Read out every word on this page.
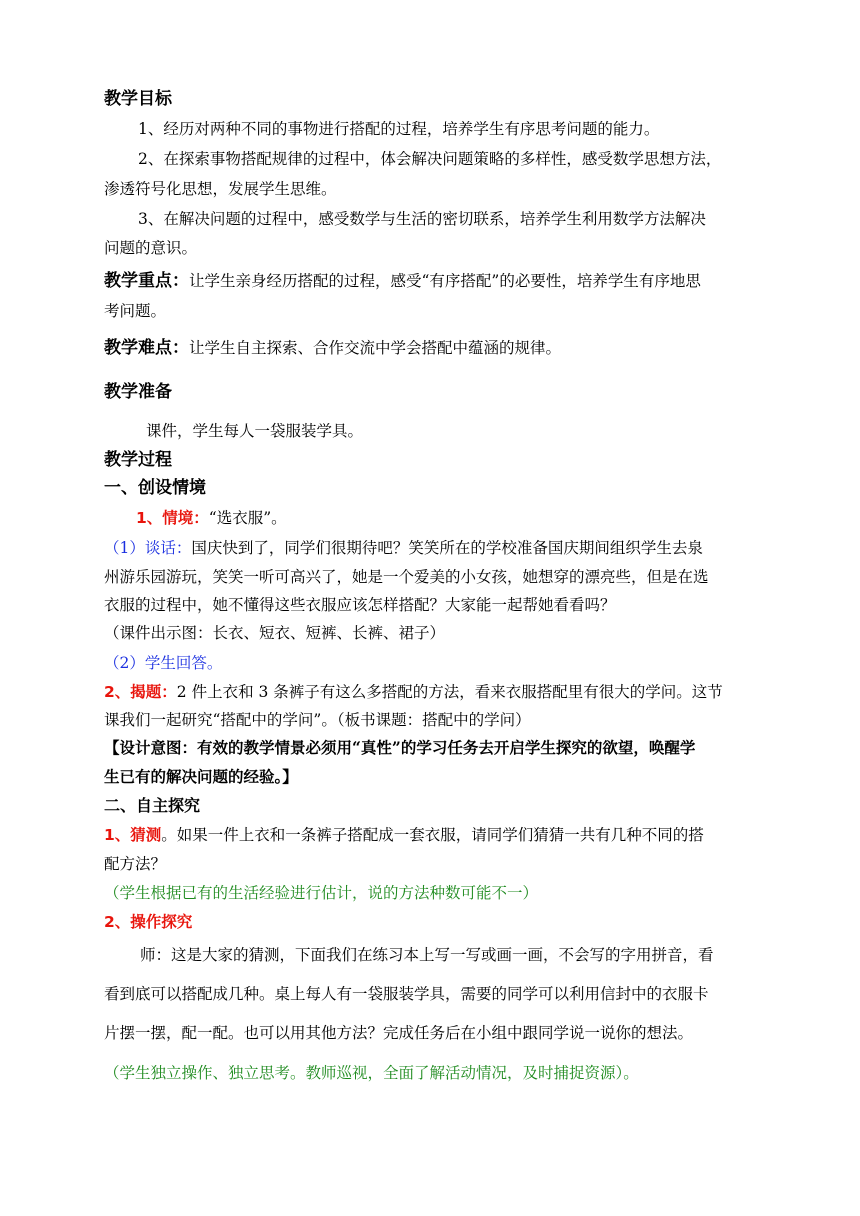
教学目标
1、经历对两种不同的事物进行搭配的过程，培养学生有序思考问题的能力。
2、在探索事物搭配规律的过程中，体会解决问题策略的多样性，感受数学思想方法，
渗透符号化思想，发展学生思维。
3、在解决问题的过程中，感受数学与生活的密切联系，培养学生利用数学方法解决
问题的意识。
教学重点：让学生亲身经历搭配的过程，感受“有序搭配”的必要性，培养学生有序地思
考问题。
教学难点：让学生自主探索、合作交流中学会搭配中蕴涵的规律。
教学准备
课件，学生每人一袋服装学具。
教学过程
一、创设情境
1、情境：“选衣服”。
（1）谈话：国庆快到了，同学们很期待吧？笑笑所在的学校准备国庆期间组织学生去泉
州游乐园游玩，笑笑一听可高兴了，她是一个爱美的小女孩，她想穿的漂亮些，但是在选
衣服的过程中，她不懂得这些衣服应该怎样搭配？大家能一起帮她看看吗？
（课件出示图：长衣、短衣、短裤、长裤、裙子）
（2）学生回答。
2、揭题：2 件上衣和 3 条裤子有这么多搭配的方法，看来衣服搭配里有很大的学问。这节
课我们一起研究“搭配中的学问”。（板书课题：搭配中的学问）
【设计意图：有效的教学情景必须用“真性”的学习任务去开启学生探究的欲望，唤醒学
生已有的解决问题的经验。】
二、自主探究
1、猜测。如果一件上衣和一条裤子搭配成一套衣服，请同学们猜猜一共有几种不同的搭
配方法？
（学生根据已有的生活经验进行估计，说的方法种数可能不一）
2、操作探究
师：这是大家的猜测，下面我们在练习本上写一写或画一画，不会写的字用拼音，看
看到底可以搭配成几种。桌上每人有一袋服装学具，需要的同学可以利用信封中的衣服卡
片摆一摆，配一配。也可以用其他方法？完成任务后在小组中跟同学说一说你的想法。
（学生独立操作、独立思考。教师巡视，全面了解活动情况，及时捕捉资源）。
